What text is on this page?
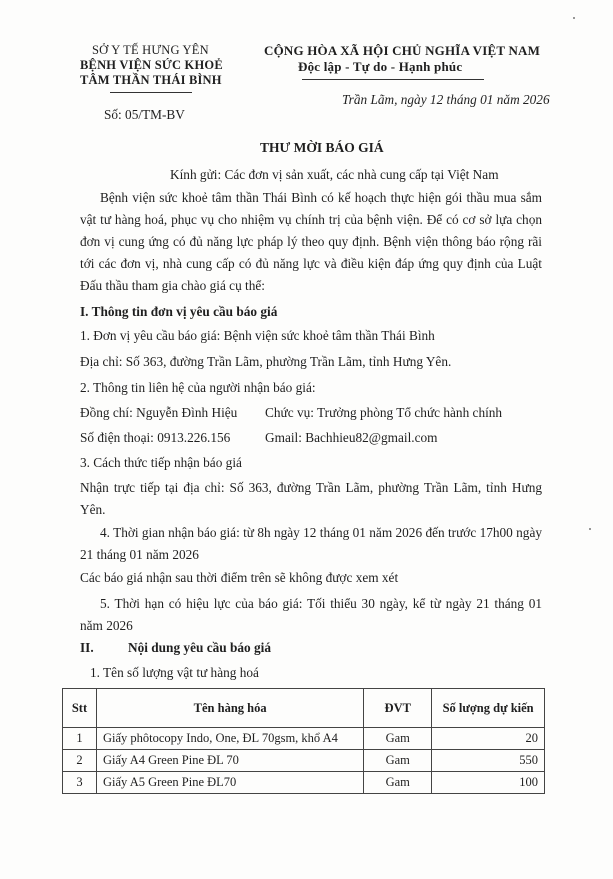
SỞ Y TẾ HƯNG YÊN
BỆNH VIỆN SỨC KHOẺ
TÂM THẦN THÁI BÌNH
Số: 05/TM-BV
CỘNG HÒA XÃ HỘI CHỦ NGHĨA VIỆT NAM
Độc lập - Tự do - Hạnh phúc
Trần Lãm, ngày 12 tháng 01 năm 2026
THƯ MỜI BÁO GIÁ
Kính gửi: Các đơn vị sản xuất, các nhà cung cấp tại Việt Nam
Bệnh viện sức khoẻ tâm thần Thái Bình có kế hoạch thực hiện gói thầu mua sắm vật tư hàng hoá, phục vụ cho nhiệm vụ chính trị của bệnh viện. Để có cơ sở lựa chọn đơn vị cung ứng có đủ năng lực pháp lý theo quy định. Bệnh viện thông báo rộng rãi tới các đơn vị, nhà cung cấp có đủ năng lực và điều kiện đáp ứng quy định của Luật Đấu thầu tham gia chào giá cụ thể:
I. Thông tin đơn vị yêu cầu báo giá
1. Đơn vị yêu cầu báo giá: Bệnh viện sức khoẻ tâm thần Thái Bình
Địa chỉ: Số 363, đường Trần Lãm, phường Trần Lãm, tỉnh Hưng Yên.
2. Thông tin liên hệ của người nhận báo giá:
Đồng chí: Nguyễn Đình Hiệu Chức vụ: Trưởng phòng Tổ chức hành chính
Số điện thoại: 0913.226.156	Gmail: Bachhieu82@gmail.com
3. Cách thức tiếp nhận báo giá
Nhận trực tiếp tại địa chỉ: Số 363, đường Trần Lãm, phường Trần Lãm, tỉnh Hưng Yên.
4. Thời gian nhận báo giá: từ 8h ngày 12 tháng 01 năm 2026 đến trước 17h00 ngày 21 tháng 01 năm 2026
Các báo giá nhận sau thời điểm trên sẽ không được xem xét
5. Thời hạn có hiệu lực của báo giá: Tối thiểu 30 ngày, kể từ ngày 21 tháng 01 năm 2026
II.	Nội dung yêu cầu báo giá
1. Tên số lượng vật tư hàng hoá
Stt	Tên hàng hóa	ĐVT	Số lượng dự kiến
1	Giấy phôtocopy Indo, One, ĐL 70gsm, khổ A4	Gam	20
2	Giấy A4 Green Pine ĐL 70	Gam	550
3	Giấy A5 Green Pine ĐL70	Gam	100
